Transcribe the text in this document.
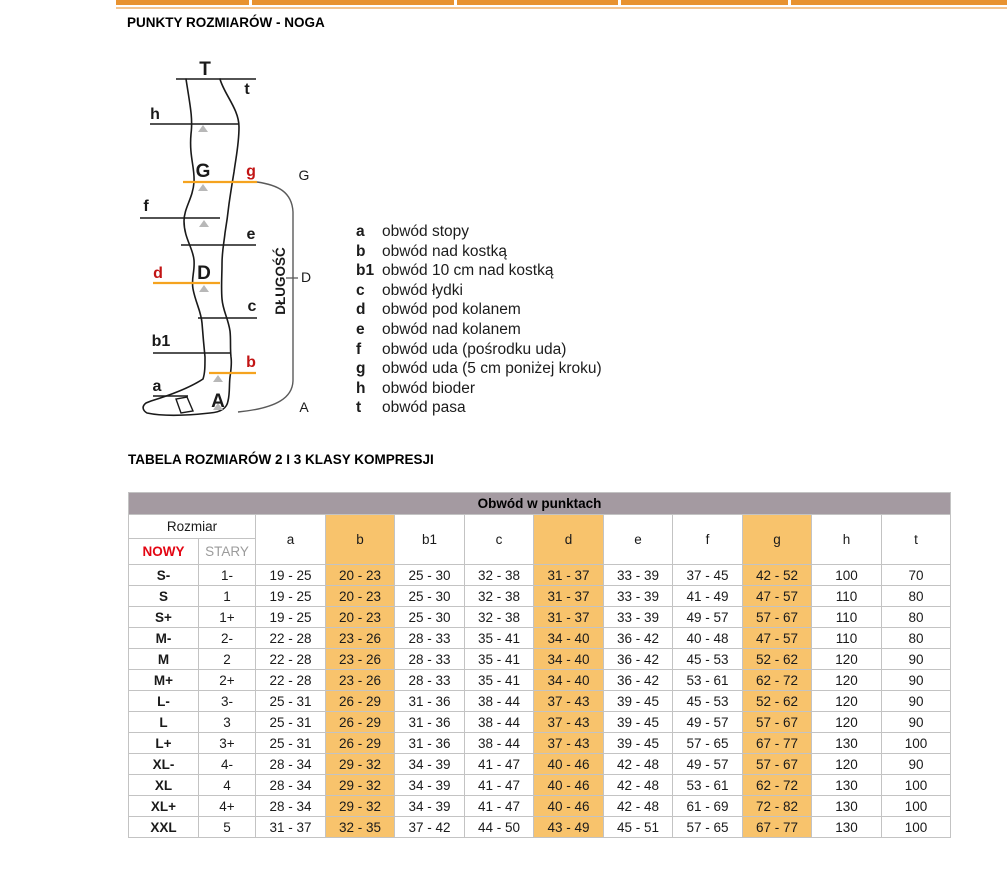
PUNKTY ROZMIARÓW - NOGA
T
t
h
G g	G
f
e
D
d	D
c
b1
b
a
A	A
DŁUGOŚĆ
a	obwód stopy
b	obwód nad kostką
b1 obwód 10 cm nad kostką
c	obwód łydki
d	obwód pod kolanem
e	obwód nad kolanem
f	obwód uda (pośrodku uda)
g	obwód uda (5 cm poniżej kroku)
h	obwód bioder
t	obwód pasa
TABELA ROZMIARÓW 2 I 3 KLASY KOMPRESJI
Obwód w punktach											
Rozmiar		a	b	b1	c	d	e	f	g	h	t
NOWY	STARY										
S-	1-	19 - 25	20 - 23	25 - 30	32 - 38	31 - 37	33 - 39	37 - 45	42 - 52	100	70
S	1	19 - 25	20 - 23	25 - 30	32 - 38	31 - 37	33 - 39	41 - 49	47 - 57	110	80
S+	1+	19 - 25	20 - 23	25 - 30	32 - 38	31 - 37	33 - 39	49 - 57	57 - 67	110	80
M-	2-	22 - 28	23 - 26	28 - 33	35 - 41	34 - 40	36 - 42	40 - 48	47 - 57	110	80
M	2	22 - 28	23 - 26	28 - 33	35 - 41	34 - 40	36 - 42	45 - 53	52 - 62	120	90
M+	2+	22 - 28	23 - 26	28 - 33	35 - 41	34 - 40	36 - 42	53 - 61	62 - 72	120	90
L-	3-	25 - 31	26 - 29	31 - 36	38 - 44	37 - 43	39 - 45	45 - 53	52 - 62	120	90
L	3	25 - 31	26 - 29	31 - 36	38 - 44	37 - 43	39 - 45	49 - 57	57 - 67	120	90
L+	3+	25 - 31	26 - 29	31 - 36	38 - 44	37 - 43	39 - 45	57 - 65	67 - 77	130	100
XL-	4-	28 - 34	29 - 32	34 - 39	41 - 47	40 - 46	42 - 48	49 - 57	57 - 67	120	90
XL	4	28 - 34	29 - 32	34 - 39	41 - 47	40 - 46	42 - 48	53 - 61	62 - 72	130	100
XL+	4+	28 - 34	29 - 32	34 - 39	41 - 47	40 - 46	42 - 48	61 - 69	72 - 82	130	100
XXL	5	31 - 37	32 - 35	37 - 42	44 - 50	43 - 49	45 - 51	57 - 65	67 - 77	130	100
